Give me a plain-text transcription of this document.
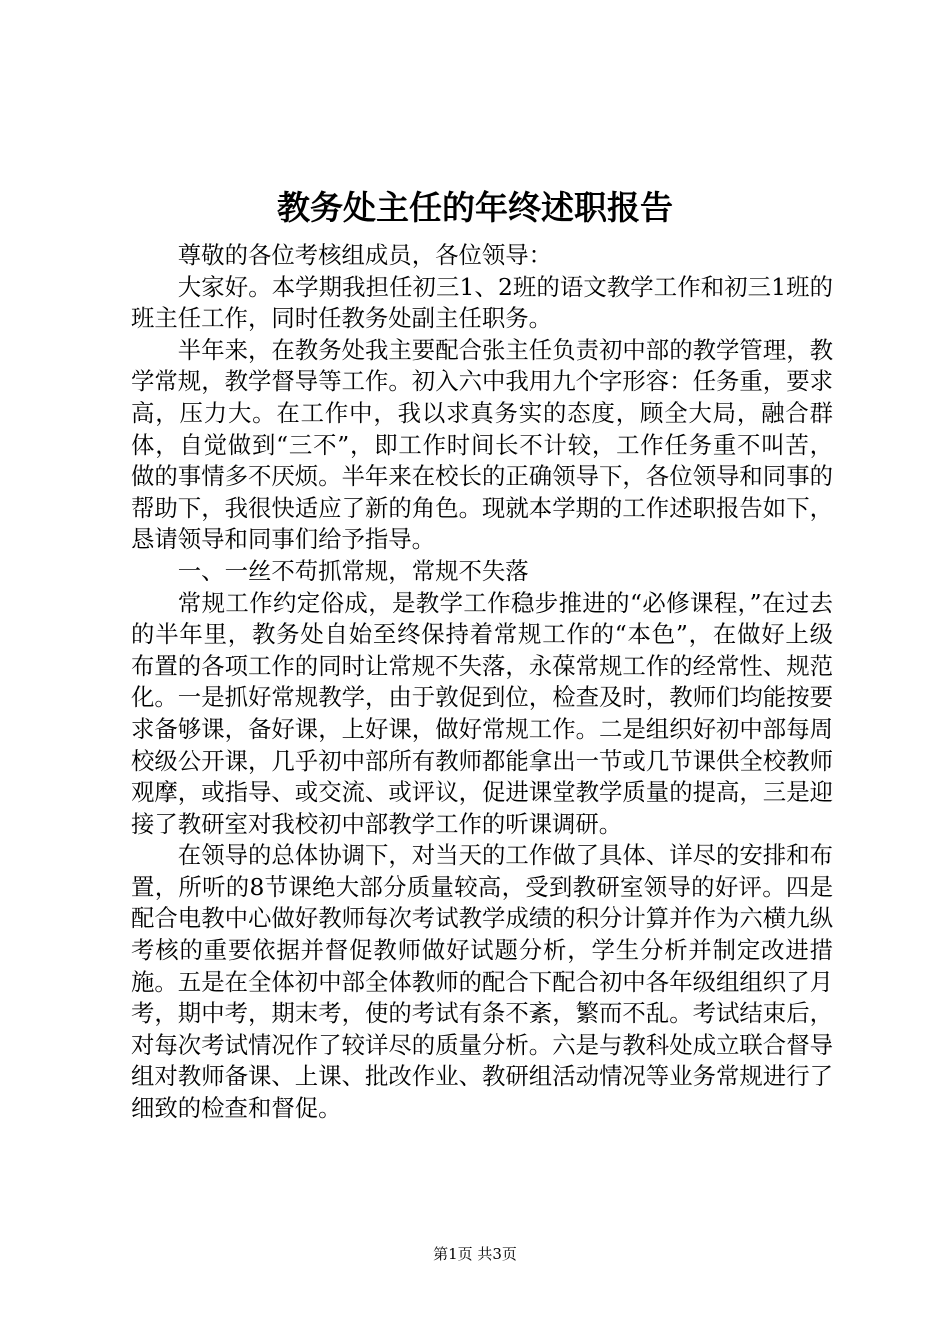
教务处主任的年终述职报告

尊敬的各位考核组成员，各位领导：

大家好。本学期我担任初三1、2班的语文教学工作和初三1班的班主任工作，同时任教务处副主任职务。

半年来，在教务处我主要配合张主任负责初中部的教学管理，教学常规，教学督导等工作。初入六中我用九个字形容：任务重，要求高，压力大。在工作中，我以求真务实的态度，顾全大局，融合群体，自觉做到“三不”，即工作时间长不计较，工作任务重不叫苦，做的事情多不厌烦。半年来在校长的正确领导下，各位领导和同事的帮助下，我很快适应了新的角色。现就本学期的工作述职报告如下，恳请领导和同事们给予指导。

一、一丝不苟抓常规，常规不失落

常规工作约定俗成，是教学工作稳步推进的“必修课程，”在过去的半年里，教务处自始至终保持着常规工作的“本色”，在做好上级布置的各项工作的同时让常规不失落，永葆常规工作的经常性、规范化。一是抓好常规教学，由于敦促到位，检查及时，教师们均能按要求备够课，备好课，上好课，做好常规工作。二是组织好初中部每周校级公开课，几乎初中部所有教师都能拿出一节或几节课供全校教师观摩，或指导、或交流、或评议，促进课堂教学质量的提高，三是迎接了教研室对我校初中部教学工作的听课调研。

在领导的总体协调下，对当天的工作做了具体、详尽的安排和布置，所听的8节课绝大部分质量较高，受到教研室领导的好评。四是配合电教中心做好教师每次考试教学成绩的积分计算并作为六横九纵考核的重要依据并督促教师做好试题分析，学生分析并制定改进措施。五是在全体初中部全体教师的配合下配合初中各年级组组织了月考，期中考，期末考，使的考试有条不紊，繁而不乱。考试结束后，对每次考试情况作了较详尽的质量分析。六是与教科处成立联合督导组对教师备课、上课、批改作业、教研组活动情况等业务常规进行了细致的检查和督促。

第1页 共3页
